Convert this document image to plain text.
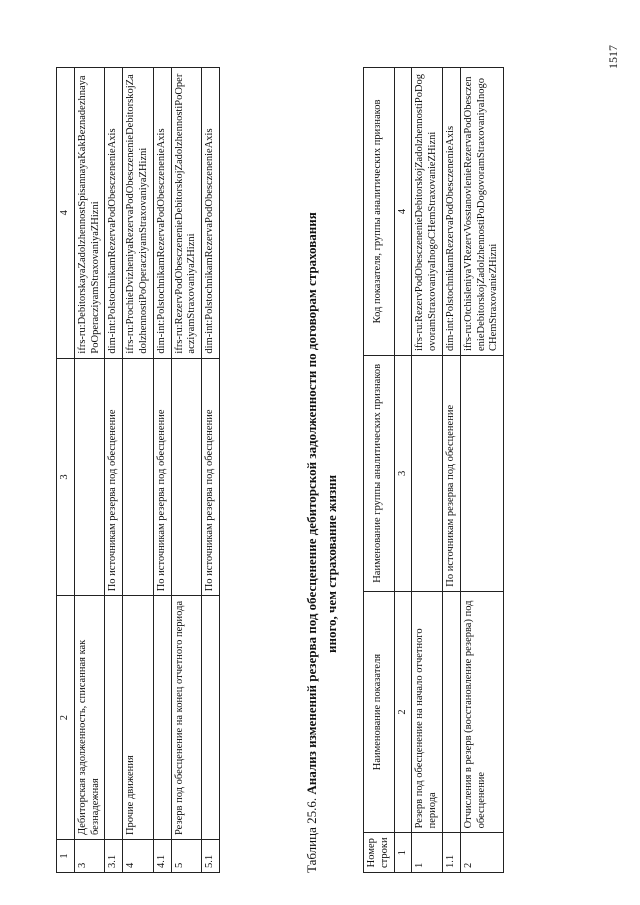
1	2	3	4
3	Дебиторская задолженность, списанная как безнадежная		ifrs-ru:DebitorskayaZadolzhennostSpisannayaKakBeznadezhnayaPoOperacziyamStraxovaniyaZHizni
3.1		По источникам резерва под обесценение	dim-int:PolstochnikamRezervaPodObesczenenieAxis
4	Прочие движения		ifrs-ru:ProchieDvizheniyaRezervaPodObesczenenieDebitorskojZadolzhennostiPoOperacziyamStraxovaniyaZHizni
4.1		По источникам резерва под обесценение	dim-int:PolstochnikamRezervaPodObesczenenieAxis
5	Резерв под обесценение на конец отчетного периода		ifrs-ru:RezervPodObesczenenieDebitorskojZadolzhennostiPoOperacziyamStraxovaniyaZHizni
5.1		По источникам резерва под обесценение	dim-int:PolstochnikamRezervaPodObesczenenieAxis
Таблица 25.6. Анализ изменений резерва под обесценение дебиторской задолженности по договорам страхования иного, чем страхование жизни
Номер строки	Наименование показателя	Наименование группы аналитических признаков	Код показателя, группы аналитических признаков
1	2	3	4
1	Резерв под обесценение на начало отчетного периода		ifrs-ru:RezervPodObesczenenieDebitorskojZadolzhennostiPoDogovoramStraxovaniyaInogoCHemStraxovanieZHizni
1.1		По источникам резерва под обесценение	dim-int:PolstochnikamRezervaPodObesczenenieAxis
2	Отчисления в резерв (восстановление резерва) под обесценение		ifrs-ru:OtchisleniyaVRezervVosstanovlenieRezervaPodObesczenenieDebitorskojZadolzhennostiPoDogovoramStraxovaniyaInogoCHemStraxovanieZHizni
1517
